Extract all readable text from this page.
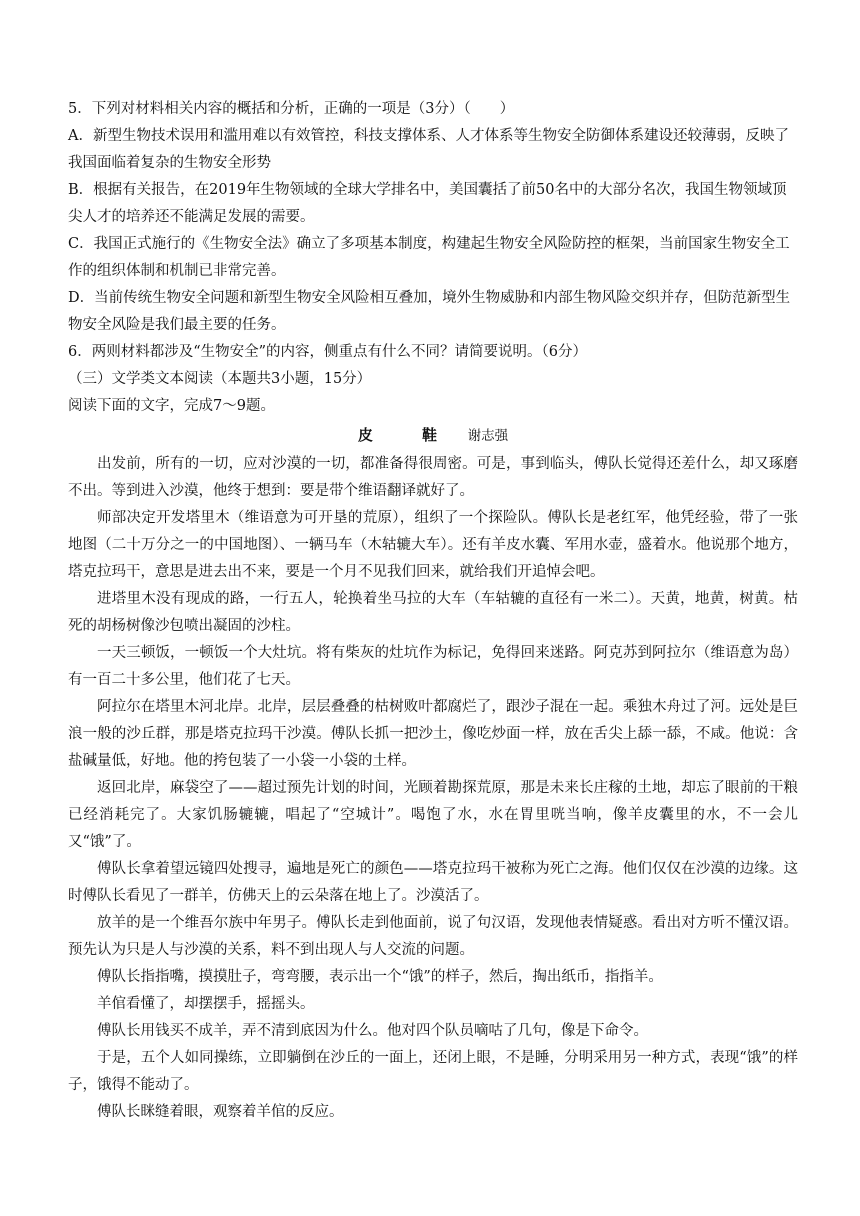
5．下列对材料相关内容的概括和分析，正确的一项是（3分）（　　）

A．新型生物技术误用和滥用难以有效管控，科技支撑体系、人才体系等生物安全防御体系建设还较薄弱，反映了我国面临着复杂的生物安全形势

B．根据有关报告，在2019年生物领域的全球大学排名中，美国囊括了前50名中的大部分名次，我国生物领域顶尖人才的培养还不能满足发展的需要。

C．我国正式施行的《生物安全法》确立了多项基本制度，构建起生物安全风险防控的框架，当前国家生物安全工作的组织体制和机制已非常完善。

D．当前传统生物安全问题和新型生物安全风险相互叠加，境外生物威胁和内部生物风险交织并存，但防范新型生物安全风险是我们最主要的任务。

6．两则材料都涉及“生物安全”的内容，侧重点有什么不同？请简要说明。（6分）

（三）文学类文本阅读（本题共3小题，15分）

阅读下面的文字，完成7～9题。

皮 鞋 谢志强

出发前，所有的一切，应对沙漠的一切，都准备得很周密。可是，事到临头，傅队长觉得还差什么，却又琢磨不出。等到进入沙漠，他终于想到：要是带个维语翻译就好了。

师部决定开发塔里木（维语意为可开垦的荒原），组织了一个探险队。傅队长是老红军，他凭经验，带了一张地图（二十万分之一的中国地图）、一辆马车（木轱辘大车）。还有羊皮水囊、军用水壶，盛着水。他说那个地方，塔克拉玛干，意思是进去出不来，要是一个月不见我们回来，就给我们开追悼会吧。

进塔里木没有现成的路，一行五人，轮换着坐马拉的大车（车轱辘的直径有一米二）。天黄，地黄，树黄。枯死的胡杨树像沙包喷出凝固的沙柱。

一天三顿饭，一顿饭一个大灶坑。将有柴灰的灶坑作为标记，免得回来迷路。阿克苏到阿拉尔（维语意为岛）有一百二十多公里，他们花了七天。

阿拉尔在塔里木河北岸。北岸，层层叠叠的枯树败叶都腐烂了，跟沙子混在一起。乘独木舟过了河。远处是巨浪一般的沙丘群，那是塔克拉玛干沙漠。傅队长抓一把沙土，像吃炒面一样，放在舌尖上舔一舔，不咸。他说：含盐碱量低，好地。他的挎包装了一小袋一小袋的土样。

返回北岸，麻袋空了——超过预先计划的时间，光顾着勘探荒原，那是未来长庄稼的土地，却忘了眼前的干粮已经消耗完了。大家饥肠辘辘，唱起了“空城计”。喝饱了水，水在胃里咣当响，像羊皮囊里的水，不一会儿又“饿”了。

傅队长拿着望远镜四处搜寻，遍地是死亡的颜色——塔克拉玛干被称为死亡之海。他们仅仅在沙漠的边缘。这时傅队长看见了一群羊，仿佛天上的云朵落在地上了。沙漠活了。

放羊的是一个维吾尔族中年男子。傅队长走到他面前，说了句汉语，发现他表情疑惑。看出对方听不懂汉语。预先认为只是人与沙漠的关系，料不到出现人与人交流的问题。

傅队长指指嘴，摸摸肚子，弯弯腰，表示出一个“饿”的样子，然后，掏出纸币，指指羊。

羊倌看懂了，却摆摆手，摇摇头。

傅队长用钱买不成羊，弄不清到底因为什么。他对四个队员嘀咕了几句，像是下命令。

于是，五个人如同操练，立即躺倒在沙丘的一面上，还闭上眼，不是睡，分明采用另一种方式，表现“饿”的样子，饿得不能动了。

傅队长眯缝着眼，观察着羊倌的反应。
